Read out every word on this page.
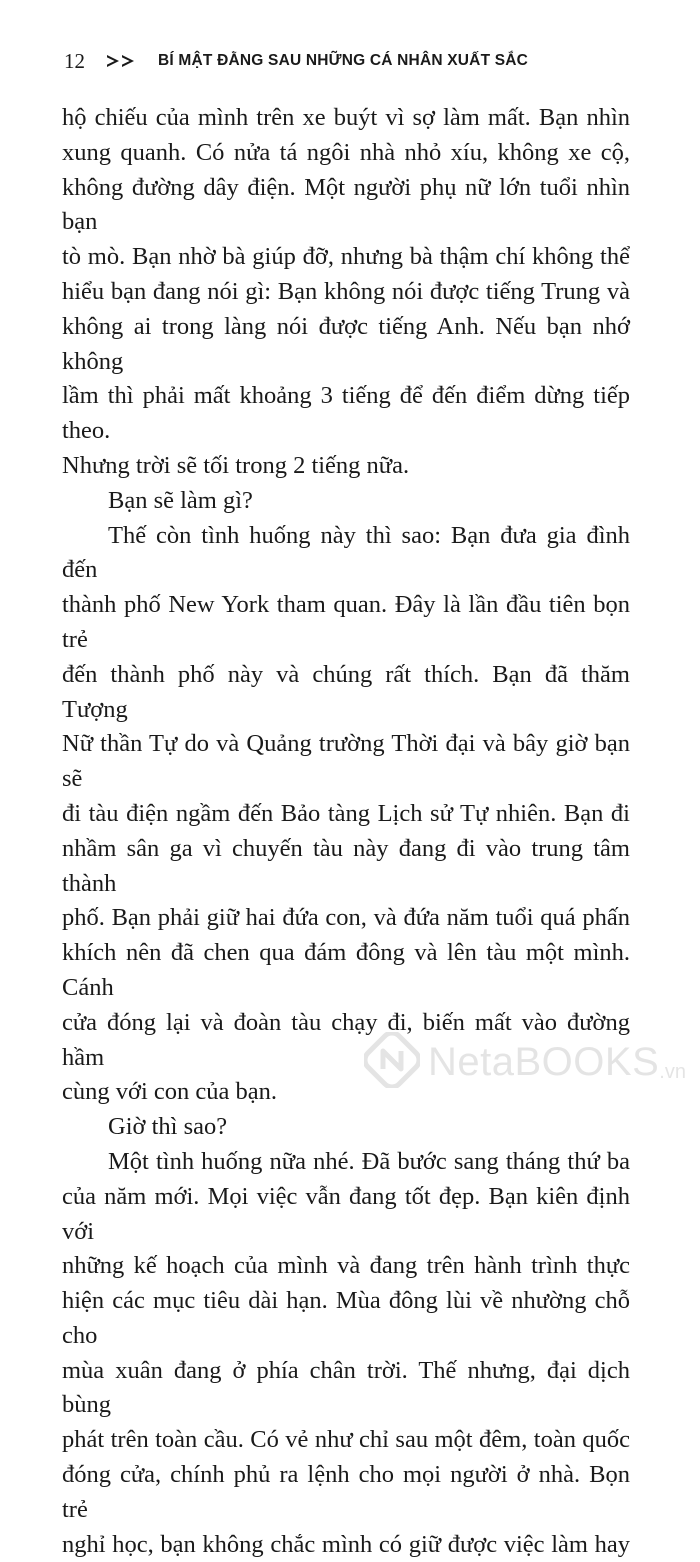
12	BÍ MẬT ĐẰNG SAU NHỮNG CÁ NHÂN XUẤT SẮC

hộ chiếu của mình trên xe buýt vì sợ làm mất. Bạn nhìn
xung quanh. Có nửa tá ngôi nhà nhỏ xíu, không xe cộ,
không đường dây điện. Một người phụ nữ lớn tuổi nhìn bạn
tò mò. Bạn nhờ bà giúp đỡ, nhưng bà thậm chí không thể
hiểu bạn đang nói gì: Bạn không nói được tiếng Trung và
không ai trong làng nói được tiếng Anh. Nếu bạn nhớ không
lầm thì phải mất khoảng 3 tiếng để đến điểm dừng tiếp theo.
Nhưng trời sẽ tối trong 2 tiếng nữa.

Bạn sẽ làm gì?

Thế còn tình huống này thì sao: Bạn đưa gia đình đến
thành phố New York tham quan. Đây là lần đầu tiên bọn trẻ
đến thành phố này và chúng rất thích. Bạn đã thăm Tượng
Nữ thần Tự do và Quảng trường Thời đại và bây giờ bạn sẽ
đi tàu điện ngầm đến Bảo tàng Lịch sử Tự nhiên. Bạn đi
nhầm sân ga vì chuyến tàu này đang đi vào trung tâm thành
phố. Bạn phải giữ hai đứa con, và đứa năm tuổi quá phấn
khích nên đã chen qua đám đông và lên tàu một mình. Cánh
cửa đóng lại và đoàn tàu chạy đi, biến mất vào đường hầm
cùng với con của bạn.

Giờ thì sao?

Một tình huống nữa nhé. Đã bước sang tháng thứ ba
của năm mới. Mọi việc vẫn đang tốt đẹp. Bạn kiên định với
những kế hoạch của mình và đang trên hành trình thực
hiện các mục tiêu dài hạn. Mùa đông lùi về nhường chỗ cho
mùa xuân đang ở phía chân trời. Thế nhưng, đại dịch bùng
phát trên toàn cầu. Có vẻ như chỉ sau một đêm, toàn quốc
đóng cửa, chính phủ ra lệnh cho mọi người ở nhà. Bọn trẻ
nghỉ học, bạn không chắc mình có giữ được việc làm hay

NetaBOOKS .vn
